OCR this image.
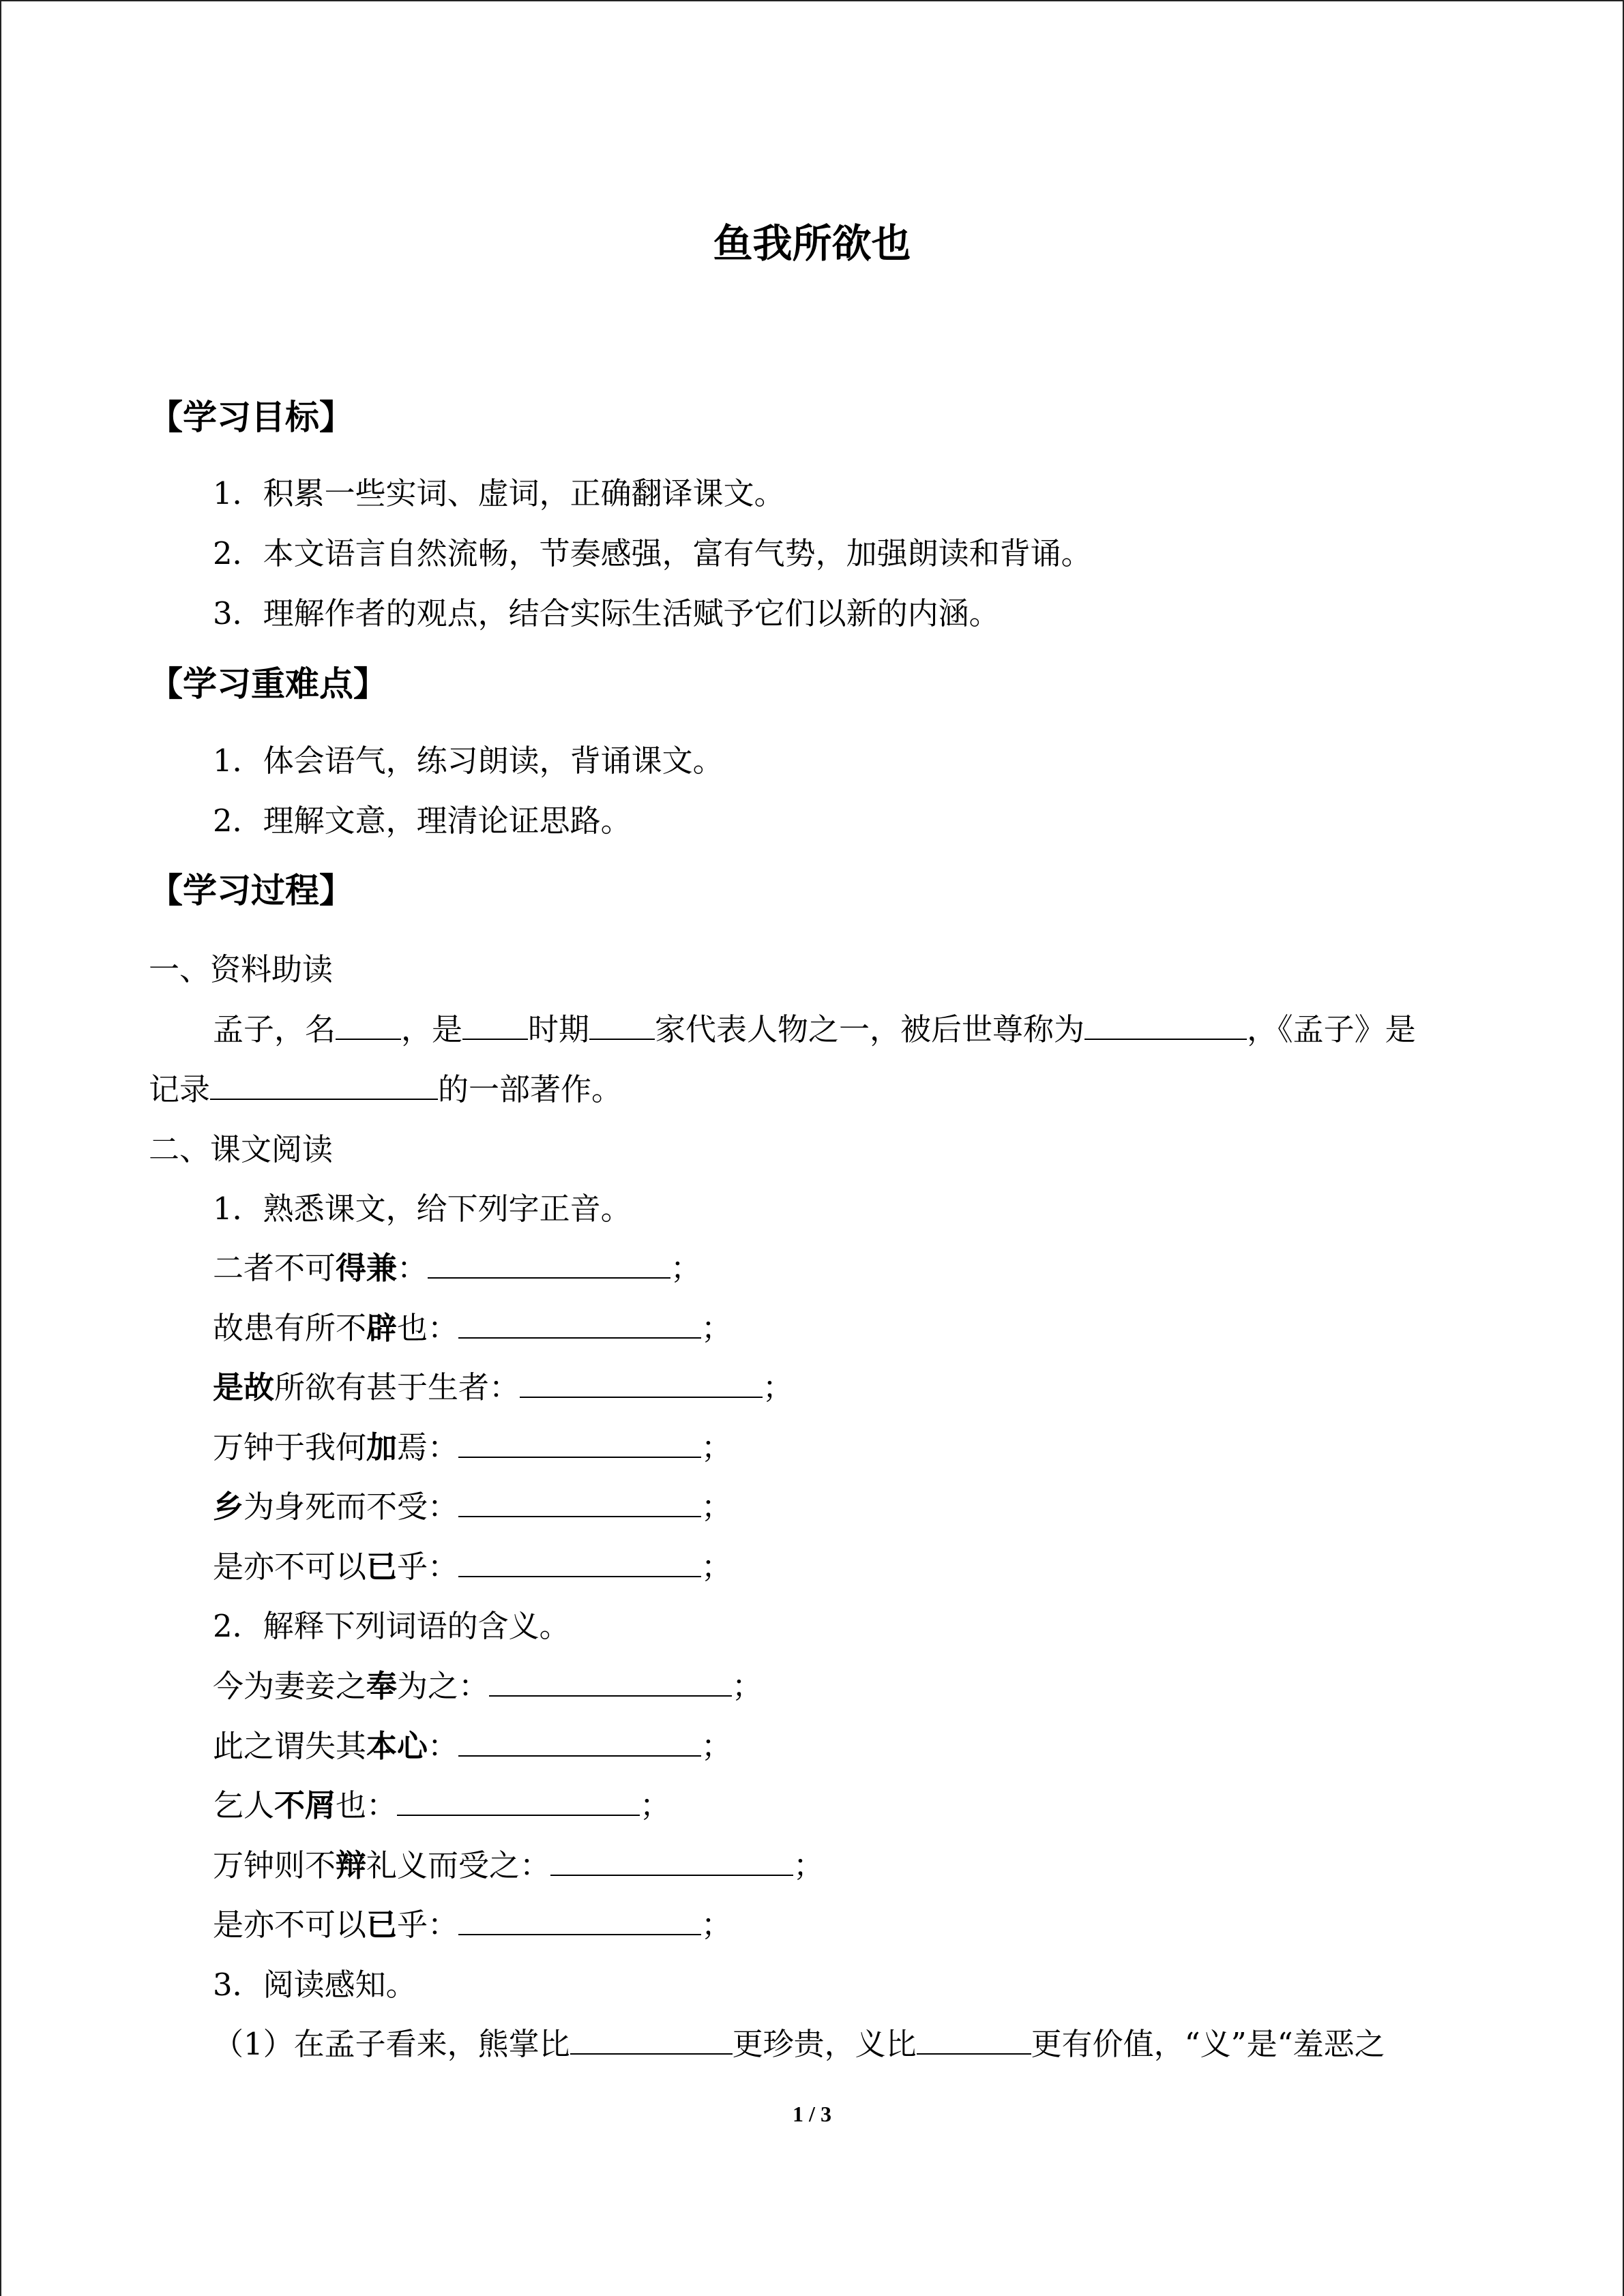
鱼我所欲也
【学习目标】
1．积累一些实词、虚词，正确翻译课文。
2．本文语言自然流畅，节奏感强，富有气势，加强朗读和背诵。
3．理解作者的观点，结合实际生活赋予它们以新的内涵。
【学习重难点】
1．体会语气，练习朗读，背诵课文。
2．理解文意，理清论证思路。
【学习过程】
一、资料助读
孟子，名 ，是 时期 家代表人物之一，被后世尊称为	，《孟子》是
记录	的一部著作。
二、课文阅读
1．熟悉课文，给下列字正音。
二者不可得兼：	；
故患有所不辟也：	；
是故所欲有甚于生者：	；
万钟于我何加焉：	；
乡为身死而不受：	；
是亦不可以已乎：	；
2．解释下列词语的含义。
今为妻妾之奉为之：	；
此之谓失其本心：	；
乞人不屑也：	；
万钟则不辩礼义而受之：	；
是亦不可以已乎：	；
3．阅读感知。
（1）在孟子看来，熊掌比	更珍贵，义比	更有价值，“义”是“羞恶之
1 / 3
